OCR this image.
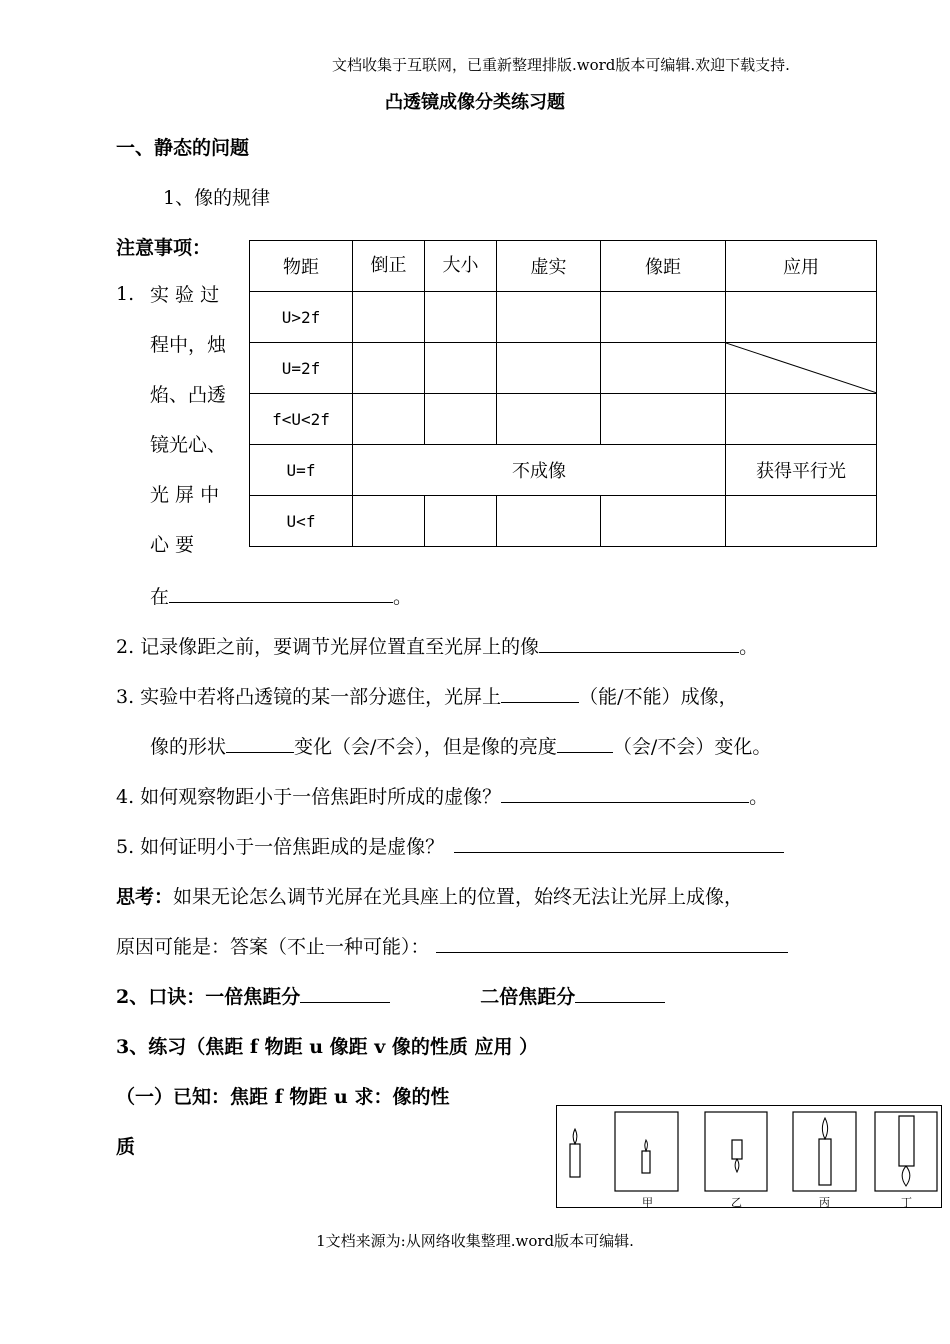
文档收集于互联网，已重新整理排版.word版本可编辑.欢迎下载支持.
凸透镜成像分类练习题
一、静态的问题
1、像的规律
注意事项：
1. 实 验 过
程中，烛
焰、凸透
镜光心、
光 屏 中
心 要
在	。
物距	倒正 大小		虚实	像距	应用
U>2f					
U=2f					

f<U<2f					
U=f	不成像				获得平行光
U<f					
2. 记录像距之前，要调节光屏位置直至光屏上的像	。
3. 实验中若将凸透镜的某一部分遮住，光屏上	（能/不能）成像，
像的形状	变化（会/不会），但是像的亮度	（会/不会）变化。
4. 如何观察物距小于一倍焦距时所成的虚像？	。
5. 如何证明小于一倍焦距成的是虚像？
思考：如果无论怎么调节光屏在光具座上的位置，始终无法让光屏上成像，
原因可能是：答案（不止一种可能）：
2、口诀：一倍焦距分	二倍焦距分
3、练习（焦距 f 物距 u 像距 v 像的性质 应用 ）
（一）已知：焦距 f 物距 u 求：像的性
质
甲	乙	丙	丁
1文档来源为:从网络收集整理.word版本可编辑.
